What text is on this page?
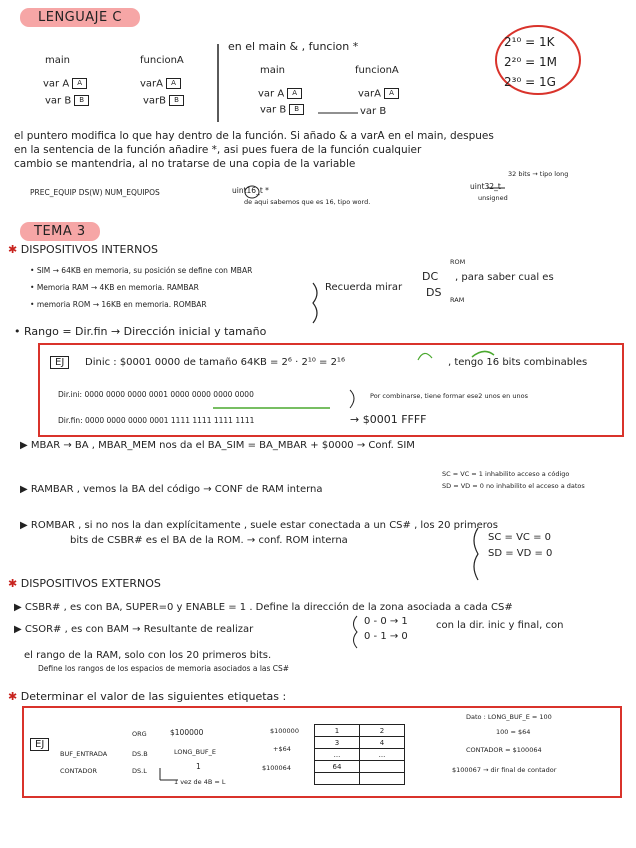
LENGUAJE C
main	funcionA
var A A
var B B
varA A
varB B
en el main & , funcion *
main	funcionA
var A A
var B B
varA A
var B
2¹⁰ = 1K
2²⁰ = 1M
2³⁰ = 1G
el puntero modifica lo que hay dentro de la función. Si añado & a varA en el main, despues
en la sentencia de la función añadire *, asi pues fuera de la función cualquier
cambio se mantendria, al no tratarse de una copia de la variable
PREC_EQUIP DS(W) NUM_EQUIPOS	uint16_t *
de aqui sabemos que es 16, tipo word.
uint32_t
32 bits → tipo long
unsigned
TEMA 3
✱ DISPOSITIVOS INTERNOS
• SIM → 64KB en memoria, su posición se define con MBAR
• Memoria RAM → 4KB en memoria. RAMBAR
• memoria ROM → 16KB en memoria. ROMBAR
Recuerda mirar
DC
DS
ROM
RAM
, para saber cual es
• Rango = Dir.fin → Dirección inicial y tamaño
EJ	Dinic : $0001 0000 de tamaño 64KB = 2⁶ · 2¹⁰ = 2¹⁶	, tengo 16 bits combinables
Dir.ini: 0000 0000 0000 0001 0000 0000 0000 0000
Dir.fin: 0000 0000 0000 0001 1111 1111 1111 1111
Por combinarse, tiene formar ese2 unos en unos
→ $0001 FFFF
▶ MBAR → BA , MBAR_MEM nos da el BA_SIM = BA_MBAR + $0000 → Conf. SIM
▶ RAMBAR , vemos la BA del código → CONF de RAM interna
SC = VC = 1 inhabilito acceso a código
SD = VD = 0 no inhabilito el acceso a datos
▶ ROMBAR , si no nos la dan explícitamente , suele estar conectada a un CS# , los 20 primeros
bits de CSBR# es el BA de la ROM. → conf. ROM interna	SC = VC = 0
SD = VD = 0
✱ DISPOSITIVOS EXTERNOS
▶ CSBR# , es con BA, SUPER=0 y ENABLE = 1 . Define la dirección de la zona asociada a cada CS#
▶ CSOR# , es con BAM → Resultante de realizar
0 - 0 → 1
0 - 1 → 0
con la dir. inic y final, con
el rango de la RAM, solo con los 20 primeros bits.
Define los rangos de los espacios de memoria asociados a las CS#
✱ Determinar el valor de las siguientes etiquetas :
EJ
ORG	$100000
BUF_ENTRADA	DS.B	LONG_BUF_E
CONTADOR	DS.L	1
1 vez de 4B = L
$100000
+$64
$100064
1	2
3	4
...	...
64	

Dato : LONG_BUF_E = 100
100 = $64
CONTADOR = $100064
$100067 → dir final de contador
